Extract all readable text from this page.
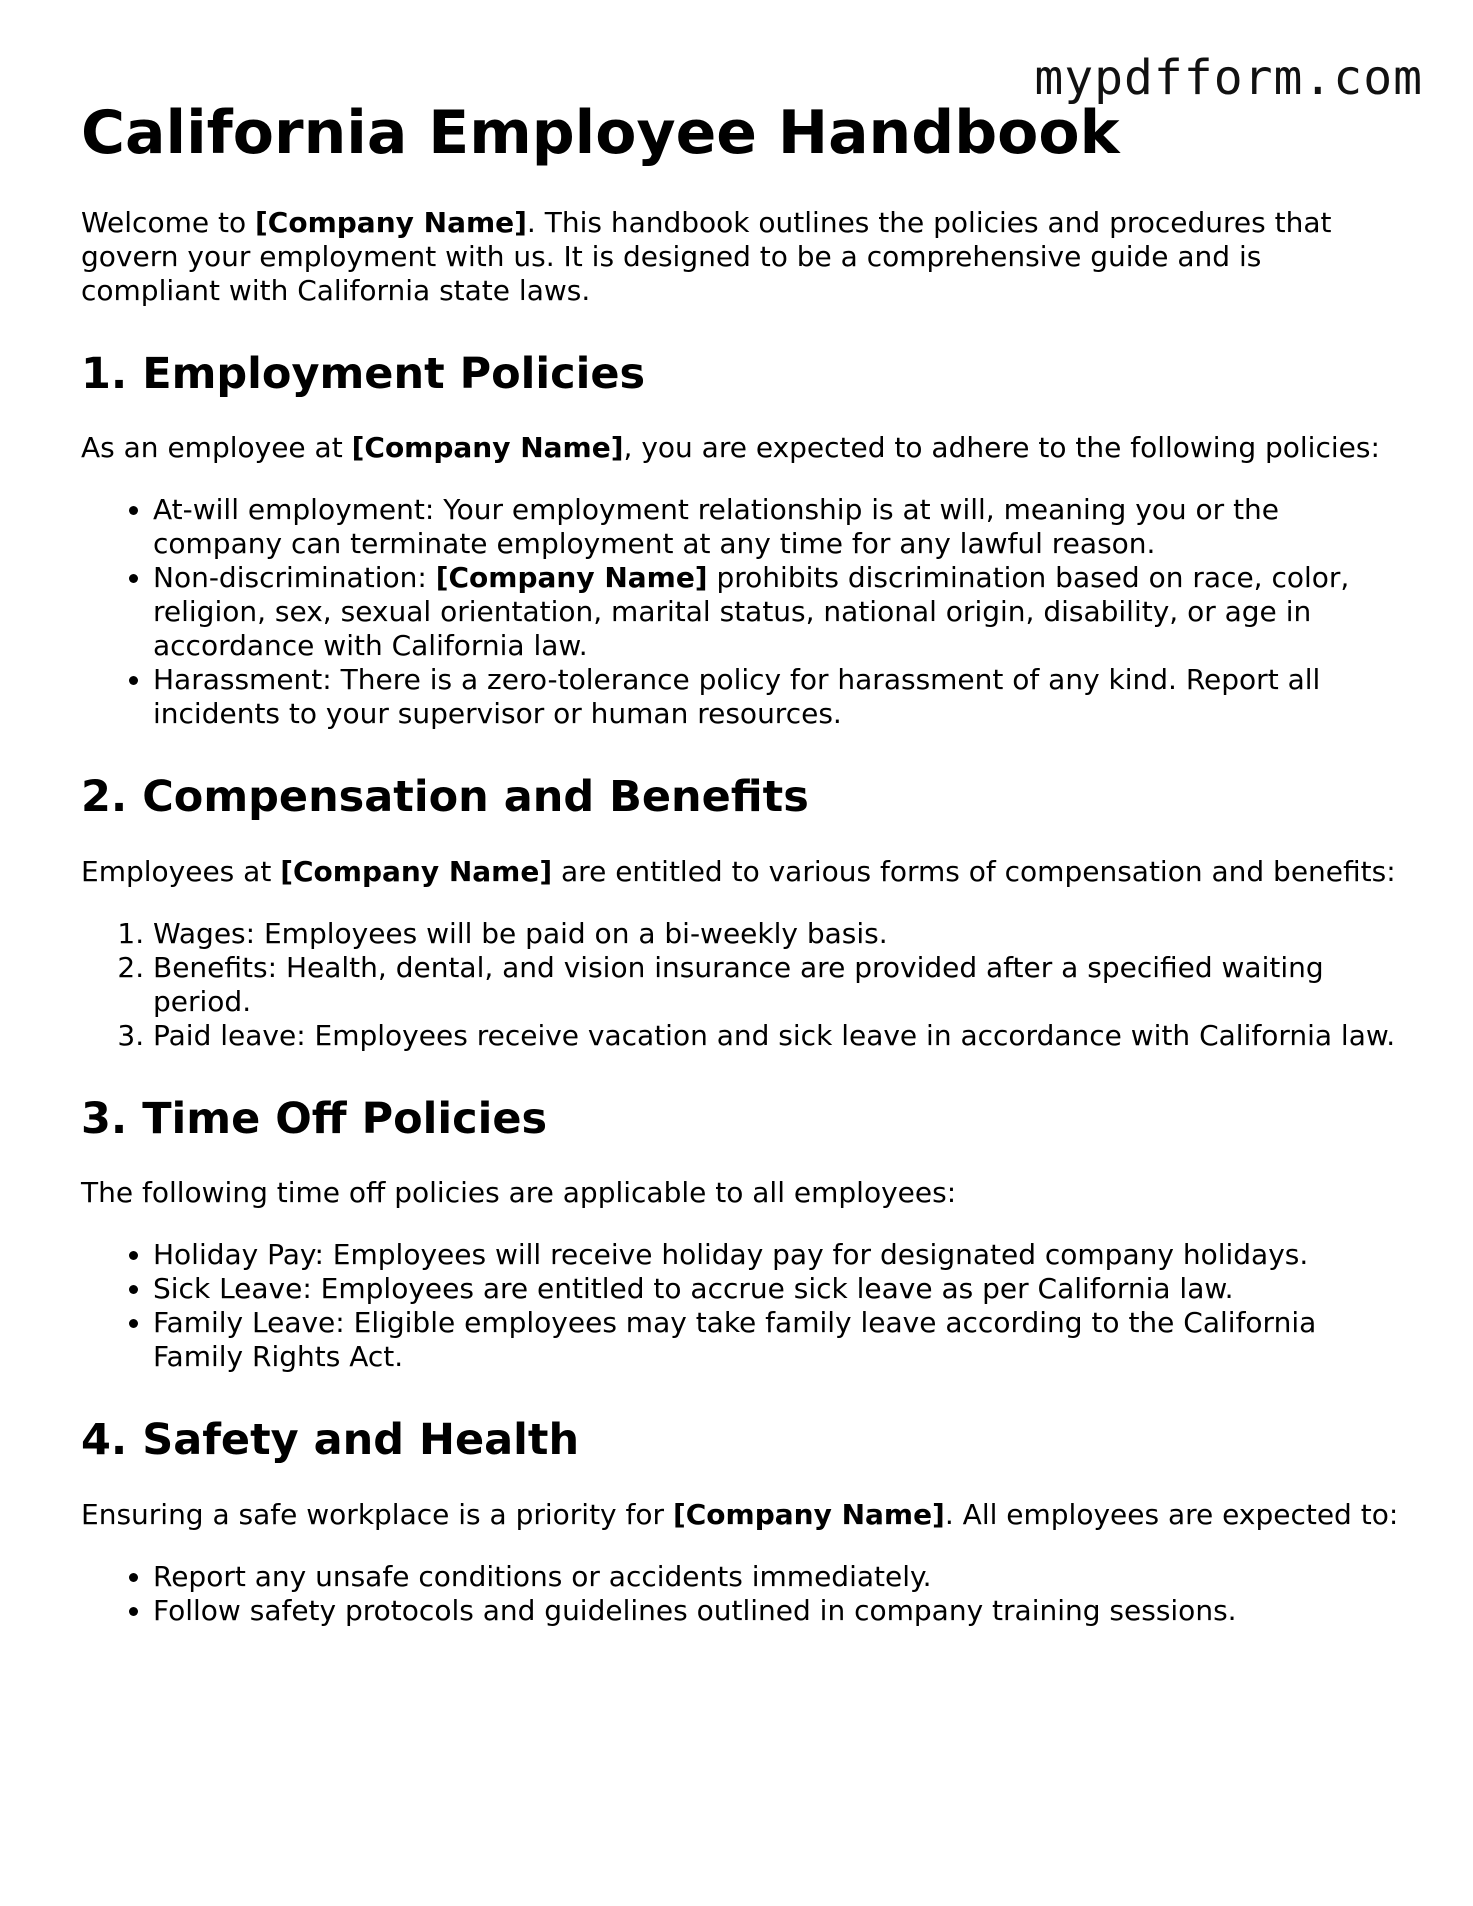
mypdfform.com
California Employee Handbook

Welcome to [Company Name]. This handbook outlines the policies and procedures that govern your employment with us. It is designed to be a comprehensive guide and is compliant with California state laws.

1. Employment Policies

As an employee at [Company Name], you are expected to adhere to the following policies:

• At-will employment: Your employment relationship is at will, meaning you or the company can terminate employment at any time for any lawful reason.
• Non-discrimination: [Company Name] prohibits discrimination based on race, color, religion, sex, sexual orientation, marital status, national origin, disability, or age in accordance with California law.
• Harassment: There is a zero-tolerance policy for harassment of any kind. Report all incidents to your supervisor or human resources.
2. Compensation and Benefits

Employees at [Company Name] are entitled to various forms of compensation and benefits:

1. Wages: Employees will be paid on a bi-weekly basis.
2. Benefits: Health, dental, and vision insurance are provided after a specified waiting period.
3. Paid leave: Employees receive vacation and sick leave in accordance with California law.
3. Time Off Policies

The following time off policies are applicable to all employees:

• Holiday Pay: Employees will receive holiday pay for designated company holidays.
• Sick Leave: Employees are entitled to accrue sick leave as per California law.
• Family Leave: Eligible employees may take family leave according to the California Family Rights Act.
4. Safety and Health

Ensuring a safe workplace is a priority for [Company Name]. All employees are expected to:

• Report any unsafe conditions or accidents immediately.
• Follow safety protocols and guidelines outlined in company training sessions.
